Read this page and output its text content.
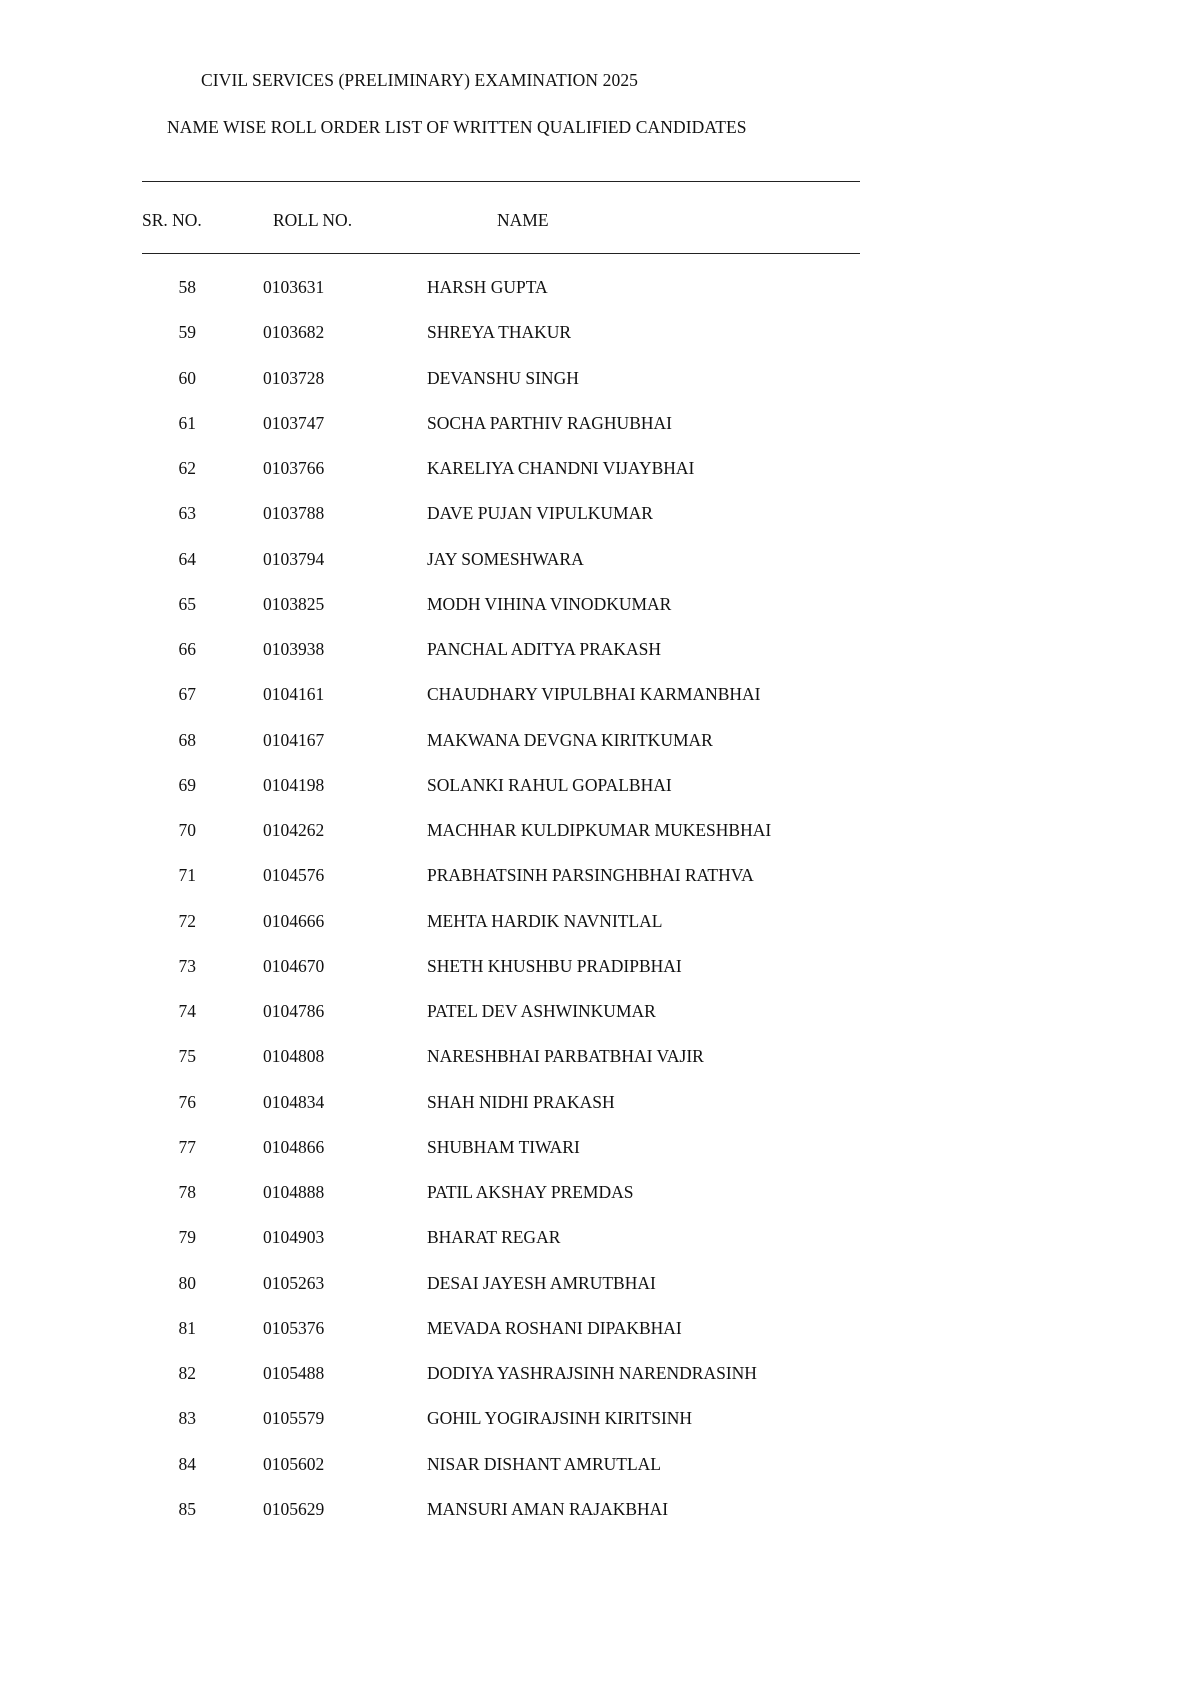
CIVIL SERVICES (PRELIMINARY) EXAMINATION 2025
NAME WISE ROLL ORDER LIST OF WRITTEN QUALIFIED CANDIDATES
SR. NO.	ROLL NO.	NAME
58	0103631	HARSH GUPTA
59	0103682	SHREYA THAKUR
60	0103728	DEVANSHU SINGH
61	0103747	SOCHA PARTHIV RAGHUBHAI
62	0103766	KARELIYA CHANDNI VIJAYBHAI
63	0103788	DAVE PUJAN VIPULKUMAR
64	0103794	JAY SOMESHWARA
65	0103825	MODH VIHINA VINODKUMAR
66	0103938	PANCHAL ADITYA PRAKASH
67	0104161	CHAUDHARY VIPULBHAI KARMANBHAI
68	0104167	MAKWANA DEVGNA KIRITKUMAR
69	0104198	SOLANKI RAHUL GOPALBHAI
70	0104262	MACHHAR KULDIPKUMAR MUKESHBHAI
71	0104576	PRABHATSINH PARSINGHBHAI RATHVA
72	0104666	MEHTA HARDIK NAVNITLAL
73	0104670	SHETH KHUSHBU PRADIPBHAI
74	0104786	PATEL DEV ASHWINKUMAR
75	0104808	NARESHBHAI PARBATBHAI VAJIR
76	0104834	SHAH NIDHI PRAKASH
77	0104866	SHUBHAM TIWARI
78	0104888	PATIL AKSHAY PREMDAS
79	0104903	BHARAT REGAR
80	0105263	DESAI JAYESH AMRUTBHAI
81	0105376	MEVADA ROSHANI DIPAKBHAI
82	0105488	DODIYA YASHRAJSINH NARENDRASINH
83	0105579	GOHIL YOGIRAJSINH KIRITSINH
84	0105602	NISAR DISHANT AMRUTLAL
85	0105629	MANSURI AMAN RAJAKBHAI
